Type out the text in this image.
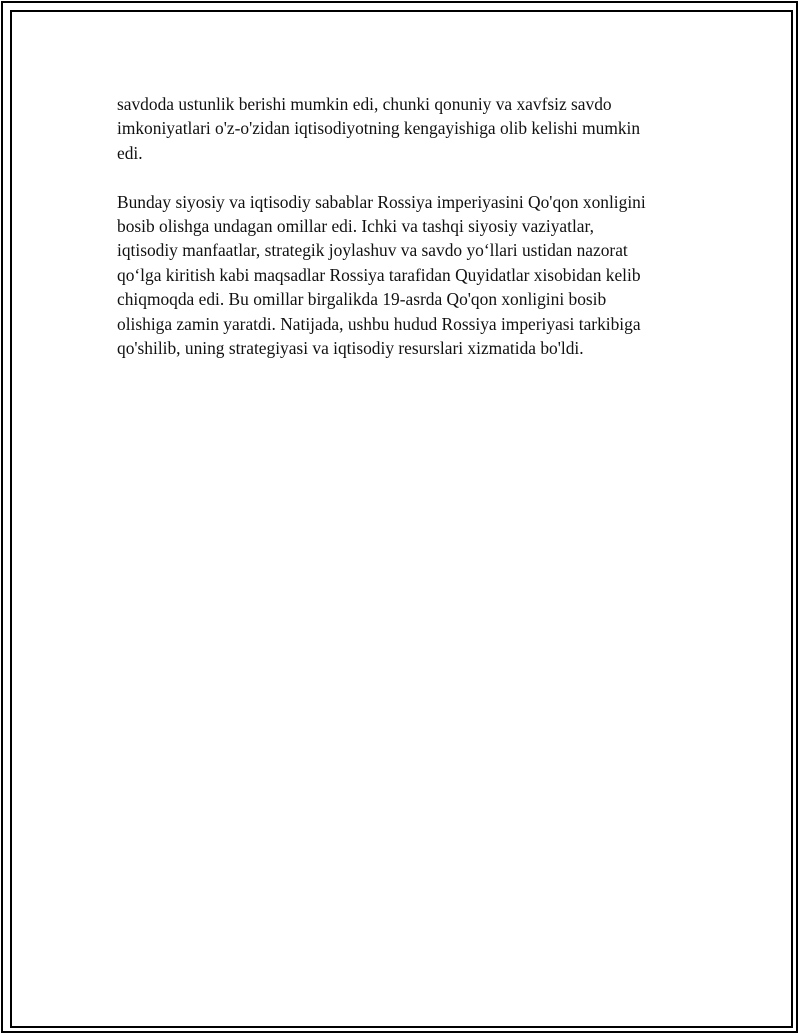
savdoda ustunlik berishi mumkin edi, chunki qonuniy va xavfsiz savdo
imkoniyatlari o'z-o'zidan iqtisodiyotning kengayishiga olib kelishi mumkin
edi.

Bunday siyosiy va iqtisodiy sabablar Rossiya imperiyasini Qo'qon xonligini
bosib olishga undagan omillar edi. Ichki va tashqi siyosiy vaziyatlar,
iqtisodiy manfaatlar, strategik joylashuv va savdo yo‘llari ustidan nazorat
qo‘lga kiritish kabi maqsadlar Rossiya tarafidan Quyidatlar xisobidan kelib
chiqmoqda edi. Bu omillar birgalikda 19-asrda Qo'qon xonligini bosib
olishiga zamin yaratdi. Natijada, ushbu hudud Rossiya imperiyasi tarkibiga
qo'shilib, uning strategiyasi va iqtisodiy resurslari xizmatida bo'ldi.
